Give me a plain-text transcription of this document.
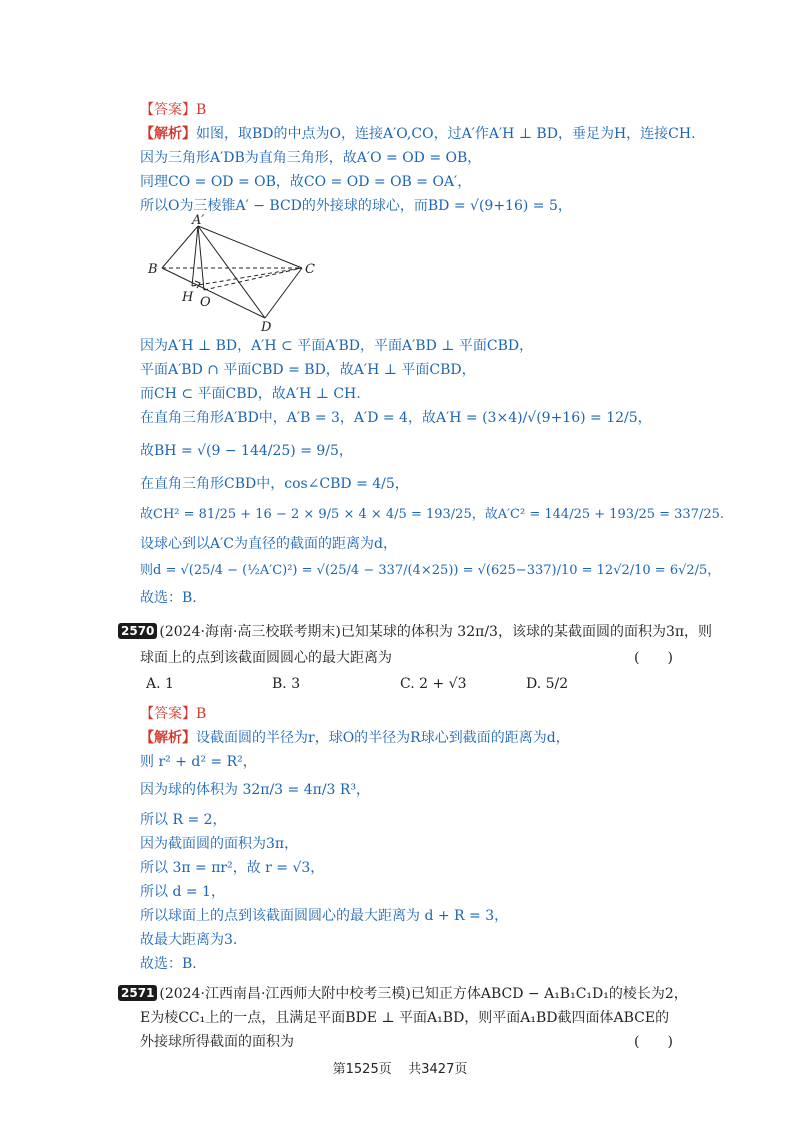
【答案】B
【解析】如图，取BD的中点为O，连接A′O,CO，过A′作A′H ⊥ BD，垂足为H，连接CH.
因为三角形A′DB为直角三角形，故A′O = OD = OB，
同理CO = OD = OB，故CO = OD = OB = OA′，
所以O为三棱锥A′ − BCD的外接球的球心，而BD = √(9+16) = 5，
A′
B	C
H O
D
因为A′H ⊥ BD，A′H ⊂ 平面A′BD，平面A′BD ⊥ 平面CBD，
平面A′BD ∩ 平面CBD = BD，故A′H ⊥ 平面CBD，
而CH ⊂ 平面CBD，故A′H ⊥ CH.
在直角三角形A′BD中，A′B = 3，A′D = 4，故A′H = (3×4)/√(9+16) = 12/5，
故BH = √(9 − 144/25) = 9/5，
在直角三角形CBD中，cos∠CBD = 4/5，
故CH² = 81/25 + 16 − 2 × 9/5 × 4 × 4/5 = 193/25，故A′C² = 144/25 + 193/25 = 337/25.
设球心到以A′C为直径的截面的距离为d，
则d = √(25/4 − (½A′C)²) = √(25/4 − 337/(4×25)) = √(625−337)/10 = 12√2/10 = 6√2/5，
故选：B.
2570 (2024·海南·高三校联考期末)已知某球的体积为 32π/3，该球的某截面圆的面积为3π，则
球面上的点到该截面圆圆心的最大距离为	(　　)
A. 1	B. 3	C. 2 + √3	D. 5/2
【答案】B
【解析】设截面圆的半径为r，球O的半径为R球心到截面的距离为d，
则 r² + d² = R²，
因为球的体积为 32π/3 = 4π/3 R³，
所以 R = 2，
因为截面圆的面积为3π，
所以 3π = πr²，故 r = √3，
所以 d = 1，
所以球面上的点到该截面圆圆心的最大距离为 d + R = 3，
故最大距离为3.
故选：B.
2571 (2024·江西南昌·江西师大附中校考三模)已知正方体ABCD − A₁B₁C₁D₁的棱长为2，
E为棱CC₁上的一点，且满足平面BDE ⊥ 平面A₁BD，则平面A₁BD截四面体ABCE的
外接球所得截面的面积为	(　　)
第1525页 共3427页
